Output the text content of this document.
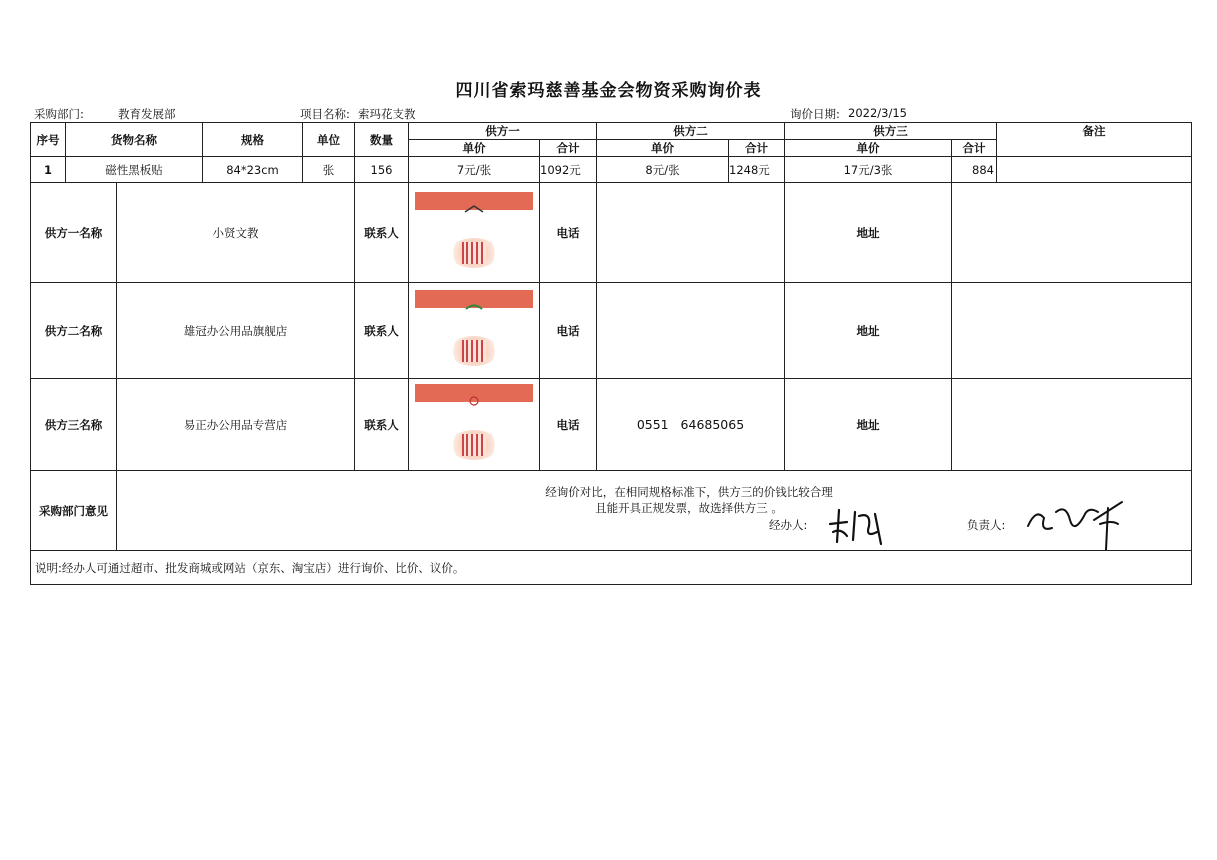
四川省索玛慈善基金会物资采购询价表
采购部门:	教育发展部	项目名称: 索玛花支教	询价日期: 2022/3/15
序号	货物名称		规格	单位	数量	供方一		供方二		供方三		备注
						单价	合计	单价	合计	单价	合计	
1	磁性黑板贴		84*23cm	张	156	7元/张	1092元	8元/张	1248元	17元/3张	884	
供方一名称		小贤文教			联系人		电话			地址		
供方二名称		雄冠办公用品旗舰店			联系人		电话			地址		
供方三名称		易正办公用品专营店			联系人		电话	0551   64685065		地址		
采购部门意见		经询价对比，在相同规格标准下，供方三的价钱比较合理
且能开具正规发票，故选择供方三 。
经办人: 负责人:										

说明:经办人可通过超市、批发商城或网站（京东、淘宝店）进行询价、比价、议价。												
